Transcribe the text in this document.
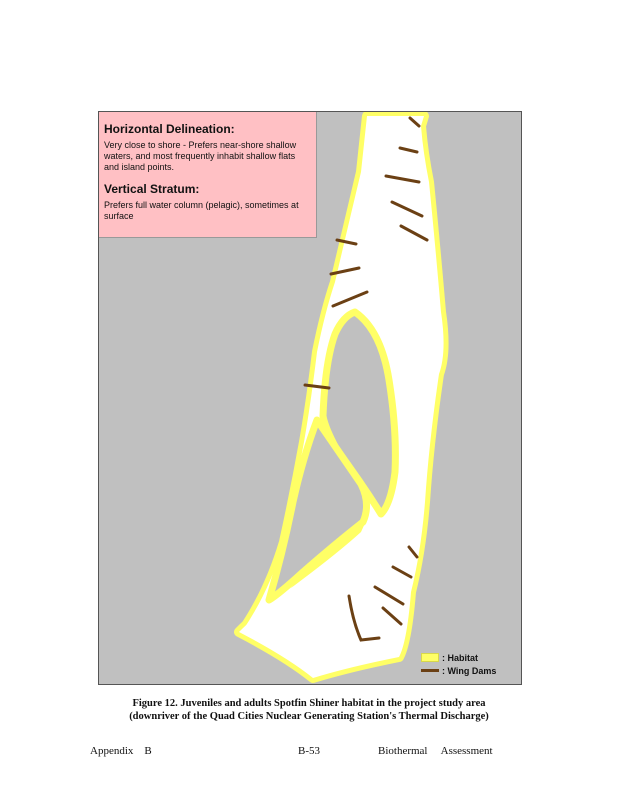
Horizontal Delineation:
Very close to shore - Prefers near-shore shallow waters, and most frequently inhabit shallow flats and island points.
Vertical Stratum:
Prefers full water column (pelagic), sometimes at surface
: Habitat
: Wing Dams
Figure 12. Juveniles and adults Spotfin Shiner habitat in the project study area
(downriver of the Quad Cities Nuclear Generating Station's Thermal Discharge)
Appendix    B	B-53	Biothermal     Assessment
